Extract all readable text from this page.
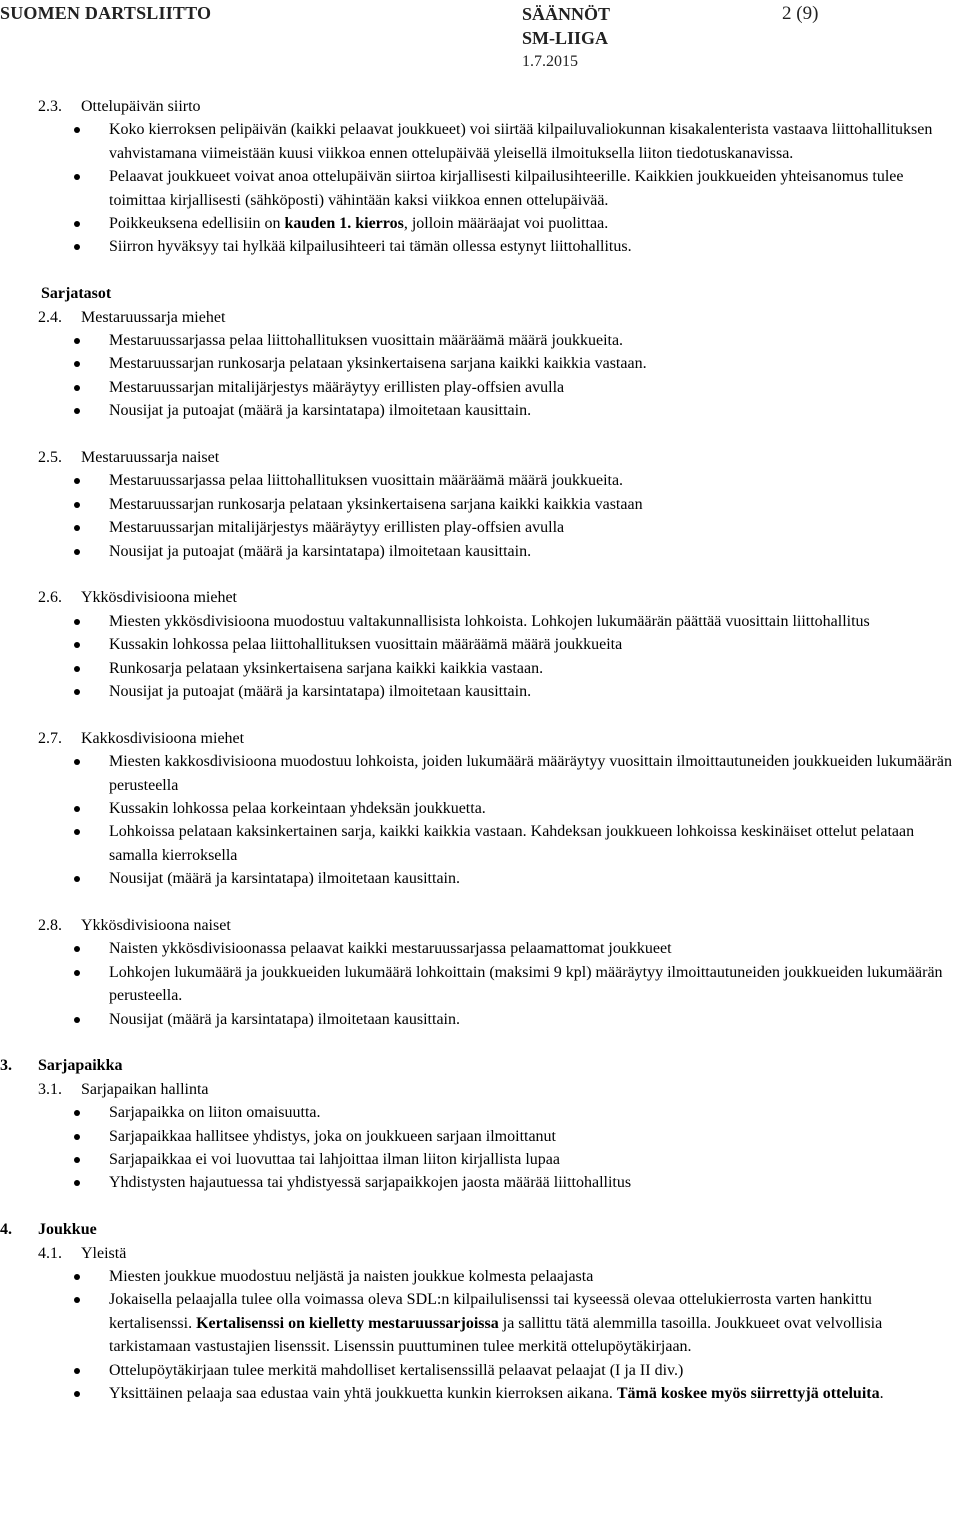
SUOMEN DARTSLIITTO	SÄÄNNÖT
SM-LIIGA
1.7.2015
2 (9)
2.3. Ottelupäivän siirto
Koko kierroksen pelipäivän (kaikki pelaavat joukkueet) voi siirtää kilpailuvaliokunnan kisakalenterista vastaava liittohallituksen vahvistamana viimeistään kuusi viikkoa ennen ottelupäivää yleisellä ilmoituksella liiton tiedotuskanavissa.
Pelaavat joukkueet voivat anoa ottelupäivän siirtoa kirjallisesti kilpailusihteerille. Kaikkien joukkueiden yhteisanomus tulee toimittaa kirjallisesti (sähköposti) vähintään kaksi viikkoa ennen ottelupäivää.
Poikkeuksena edellisiin on kauden 1. kierros, jolloin määräajat voi puolittaa.
Siirron hyväksyy tai hylkää kilpailusihteeri tai tämän ollessa estynyt liittohallitus.
Sarjatasot
2.4. Mestaruussarja miehet
Mestaruussarjassa pelaa liittohallituksen vuosittain määräämä määrä joukkueita.
Mestaruussarjan runkosarja pelataan yksinkertaisena sarjana kaikki kaikkia vastaan.
Mestaruussarjan mitalijärjestys määräytyy erillisten play-offsien avulla
Nousijat ja putoajat (määrä ja karsintatapa) ilmoitetaan kausittain.
2.5. Mestaruussarja naiset
Mestaruussarjassa pelaa liittohallituksen vuosittain määräämä määrä joukkueita.
Mestaruussarjan runkosarja pelataan yksinkertaisena sarjana kaikki kaikkia vastaan
Mestaruussarjan mitalijärjestys määräytyy erillisten play-offsien avulla
Nousijat ja putoajat (määrä ja karsintatapa) ilmoitetaan kausittain.
2.6. Ykkösdivisioona miehet
Miesten ykkösdivisioona muodostuu valtakunnallisista lohkoista. Lohkojen lukumäärän päättää vuosittain liittohallitus
Kussakin lohkossa pelaa liittohallituksen vuosittain määräämä määrä joukkueita
Runkosarja pelataan yksinkertaisena sarjana kaikki kaikkia vastaan.
Nousijat ja putoajat (määrä ja karsintatapa) ilmoitetaan kausittain.
2.7. Kakkosdivisioona miehet
Miesten kakkosdivisioona muodostuu lohkoista, joiden lukumäärä määräytyy vuosittain ilmoittautuneiden joukkueiden lukumäärän perusteella
Kussakin lohkossa pelaa korkeintaan yhdeksän joukkuetta.
Lohkoissa pelataan kaksinkertainen sarja, kaikki kaikkia vastaan. Kahdeksan joukkueen lohkoissa keskinäiset ottelut pelataan samalla kierroksella
Nousijat (määrä ja karsintatapa) ilmoitetaan kausittain.
2.8. Ykkösdivisioona naiset
Naisten ykkösdivisioonassa pelaavat kaikki mestaruussarjassa pelaamattomat joukkueet
Lohkojen lukumäärä ja joukkueiden lukumäärä lohkoittain (maksimi 9 kpl) määräytyy ilmoittautuneiden joukkueiden lukumäärän perusteella.
Nousijat (määrä ja karsintatapa) ilmoitetaan kausittain.
3. Sarjapaikka
3.1. Sarjapaikan hallinta
Sarjapaikka on liiton omaisuutta.
Sarjapaikkaa hallitsee yhdistys, joka on joukkueen sarjaan ilmoittanut
Sarjapaikkaa ei voi luovuttaa tai lahjoittaa ilman liiton kirjallista lupaa
Yhdistysten hajautuessa tai yhdistyessä sarjapaikkojen jaosta määrää liittohallitus
4. Joukkue
4.1. Yleistä
Miesten joukkue muodostuu neljästä ja naisten joukkue kolmesta pelaajasta
Jokaisella pelaajalla tulee olla voimassa oleva SDL:n kilpailulisenssi tai kyseessä olevaa ottelukierrosta varten hankittu kertalisenssi. Kertalisenssi on kielletty mestaruussarjoissa ja sallittu tätä alemmilla tasoilla. Joukkueet ovat velvollisia tarkistamaan vastustajien lisenssit. Lisenssin puuttuminen tulee merkitä ottelupöytäkirjaan.
Ottelupöytäkirjaan tulee merkitä mahdolliset kertalisenssillä pelaavat pelaajat (I ja II div.)
Yksittäinen pelaaja saa edustaa vain yhtä joukkuetta kunkin kierroksen aikana. Tämä koskee myös siirrettyjä otteluita.
